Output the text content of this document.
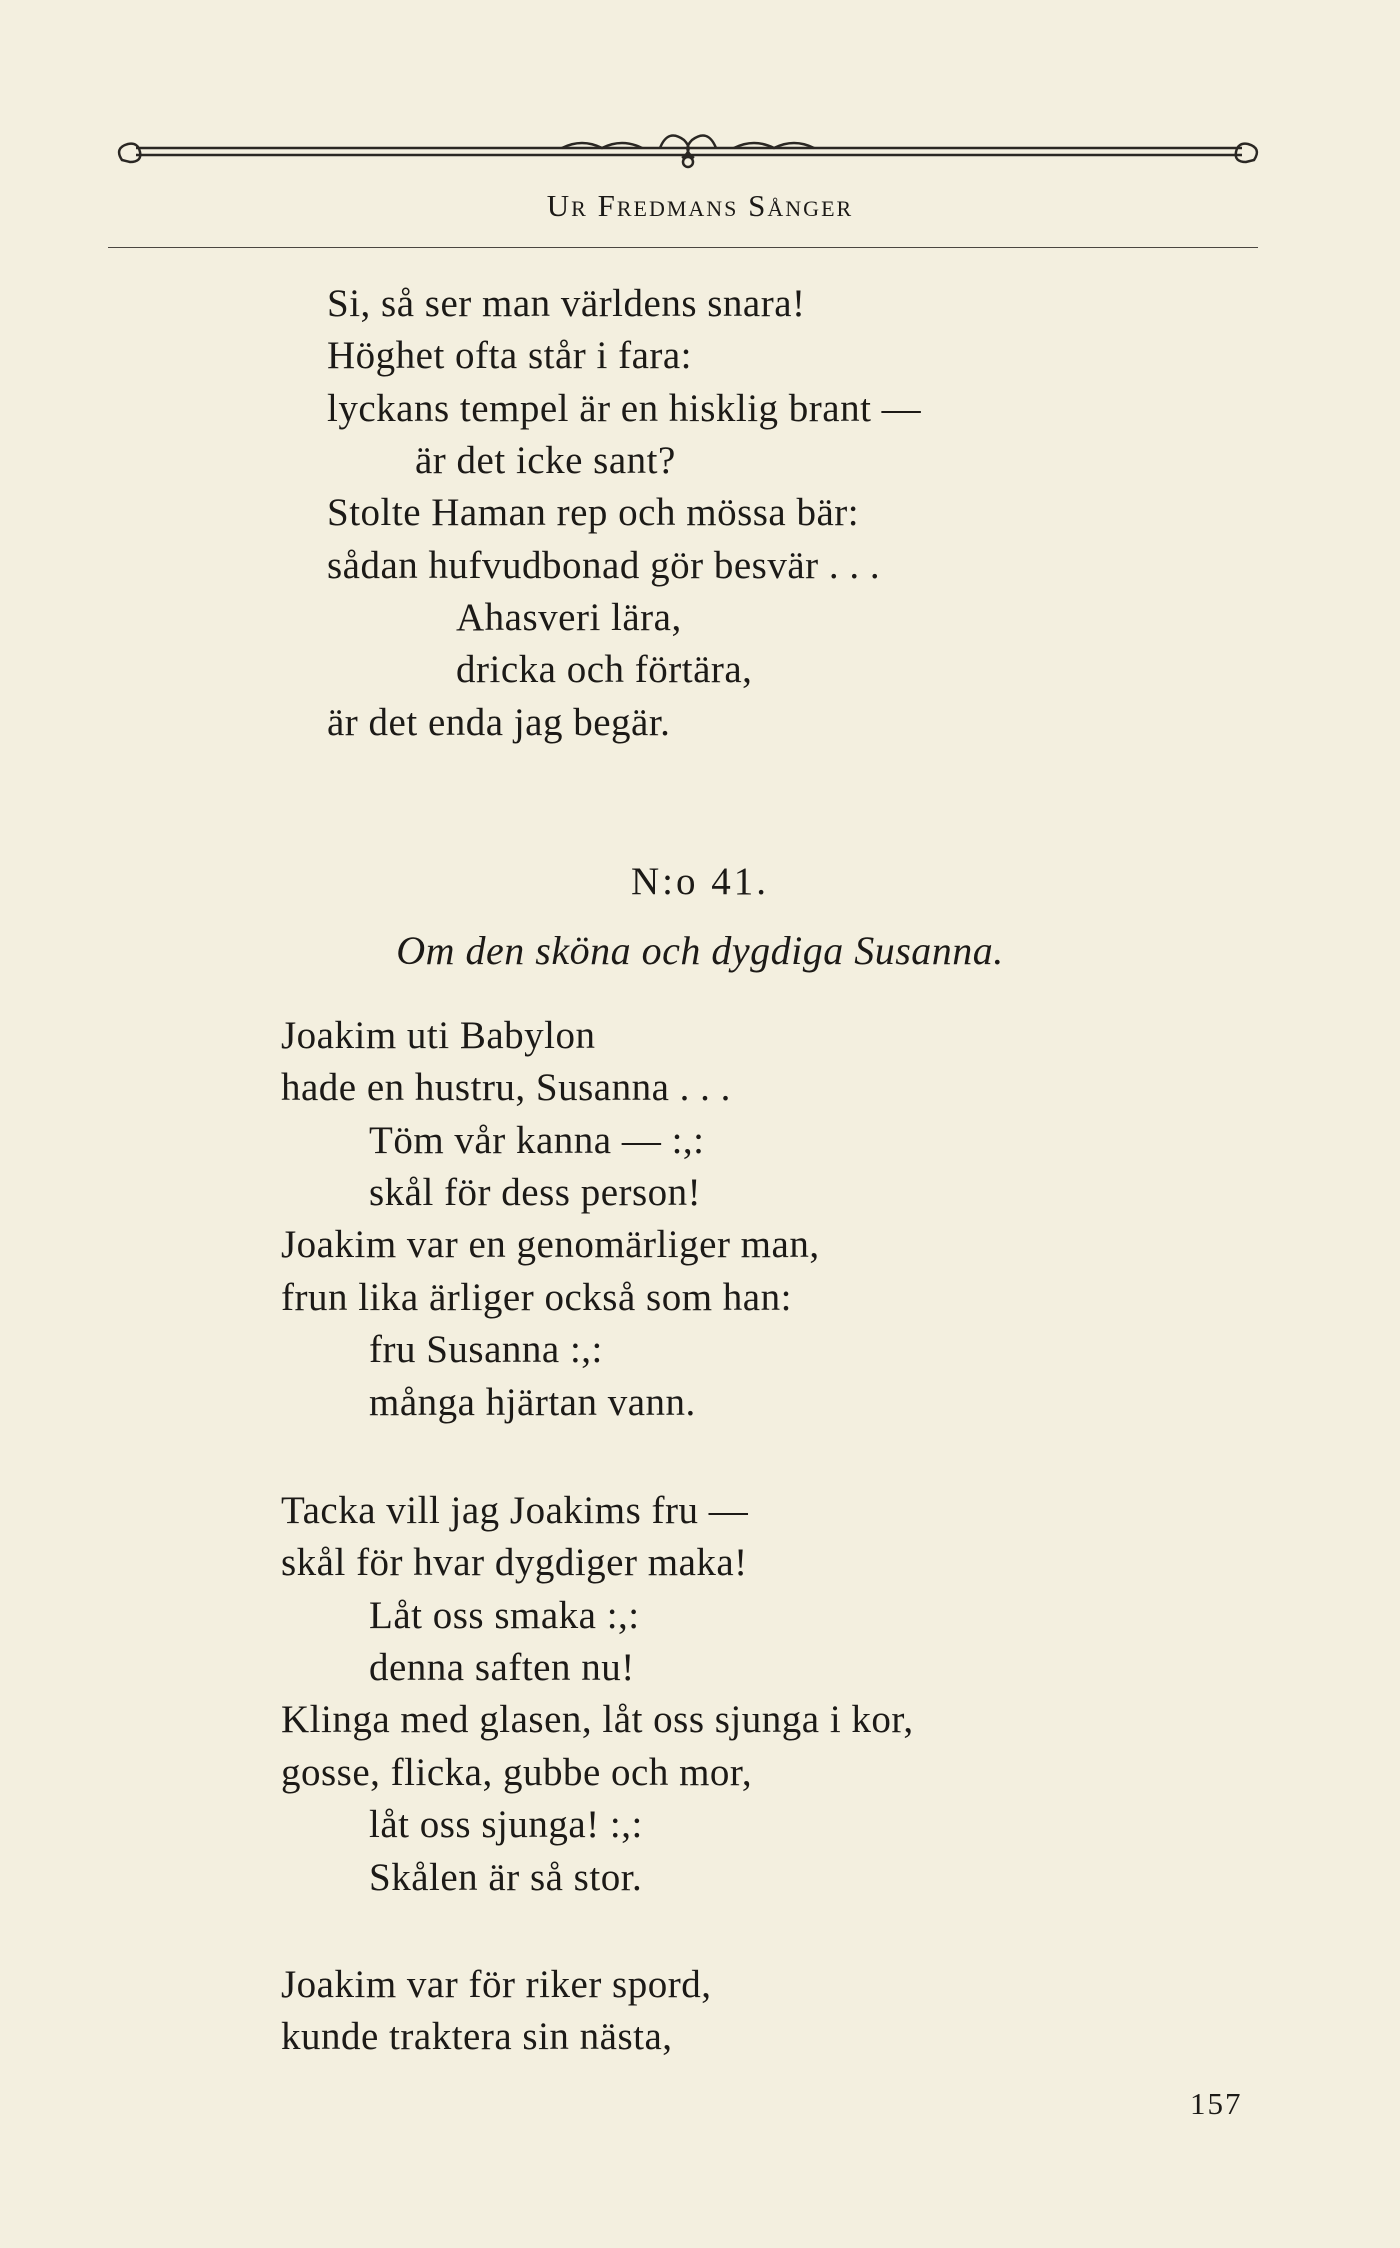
Ur Fredmans Sånger
Si, så ser man världens snara!
Höghet ofta står i fara:
lyckans tempel är en hisklig brant —
är det icke sant?
Stolte Haman rep och mössa bär:
sådan hufvudbonad gör besvär . . .
Ahasveri lära,
dricka och förtära,
är det enda jag begär.
N:o 41.
Om den sköna och dygdiga Susanna.
Joakim uti Babylon
hade en hustru, Susanna . . .
Töm vår kanna — :,:
skål för dess person!
Joakim var en genomärliger man,
frun lika ärliger också som han:
fru Susanna :,:
många hjärtan vann.
Tacka vill jag Joakims fru —
skål för hvar dygdiger maka!
Låt oss smaka :,:
denna saften nu!
Klinga med glasen, låt oss sjunga i kor,
gosse, flicka, gubbe och mor,
låt oss sjunga! :,:
Skålen är så stor.
Joakim var för riker spord,
kunde traktera sin nästa,
157
